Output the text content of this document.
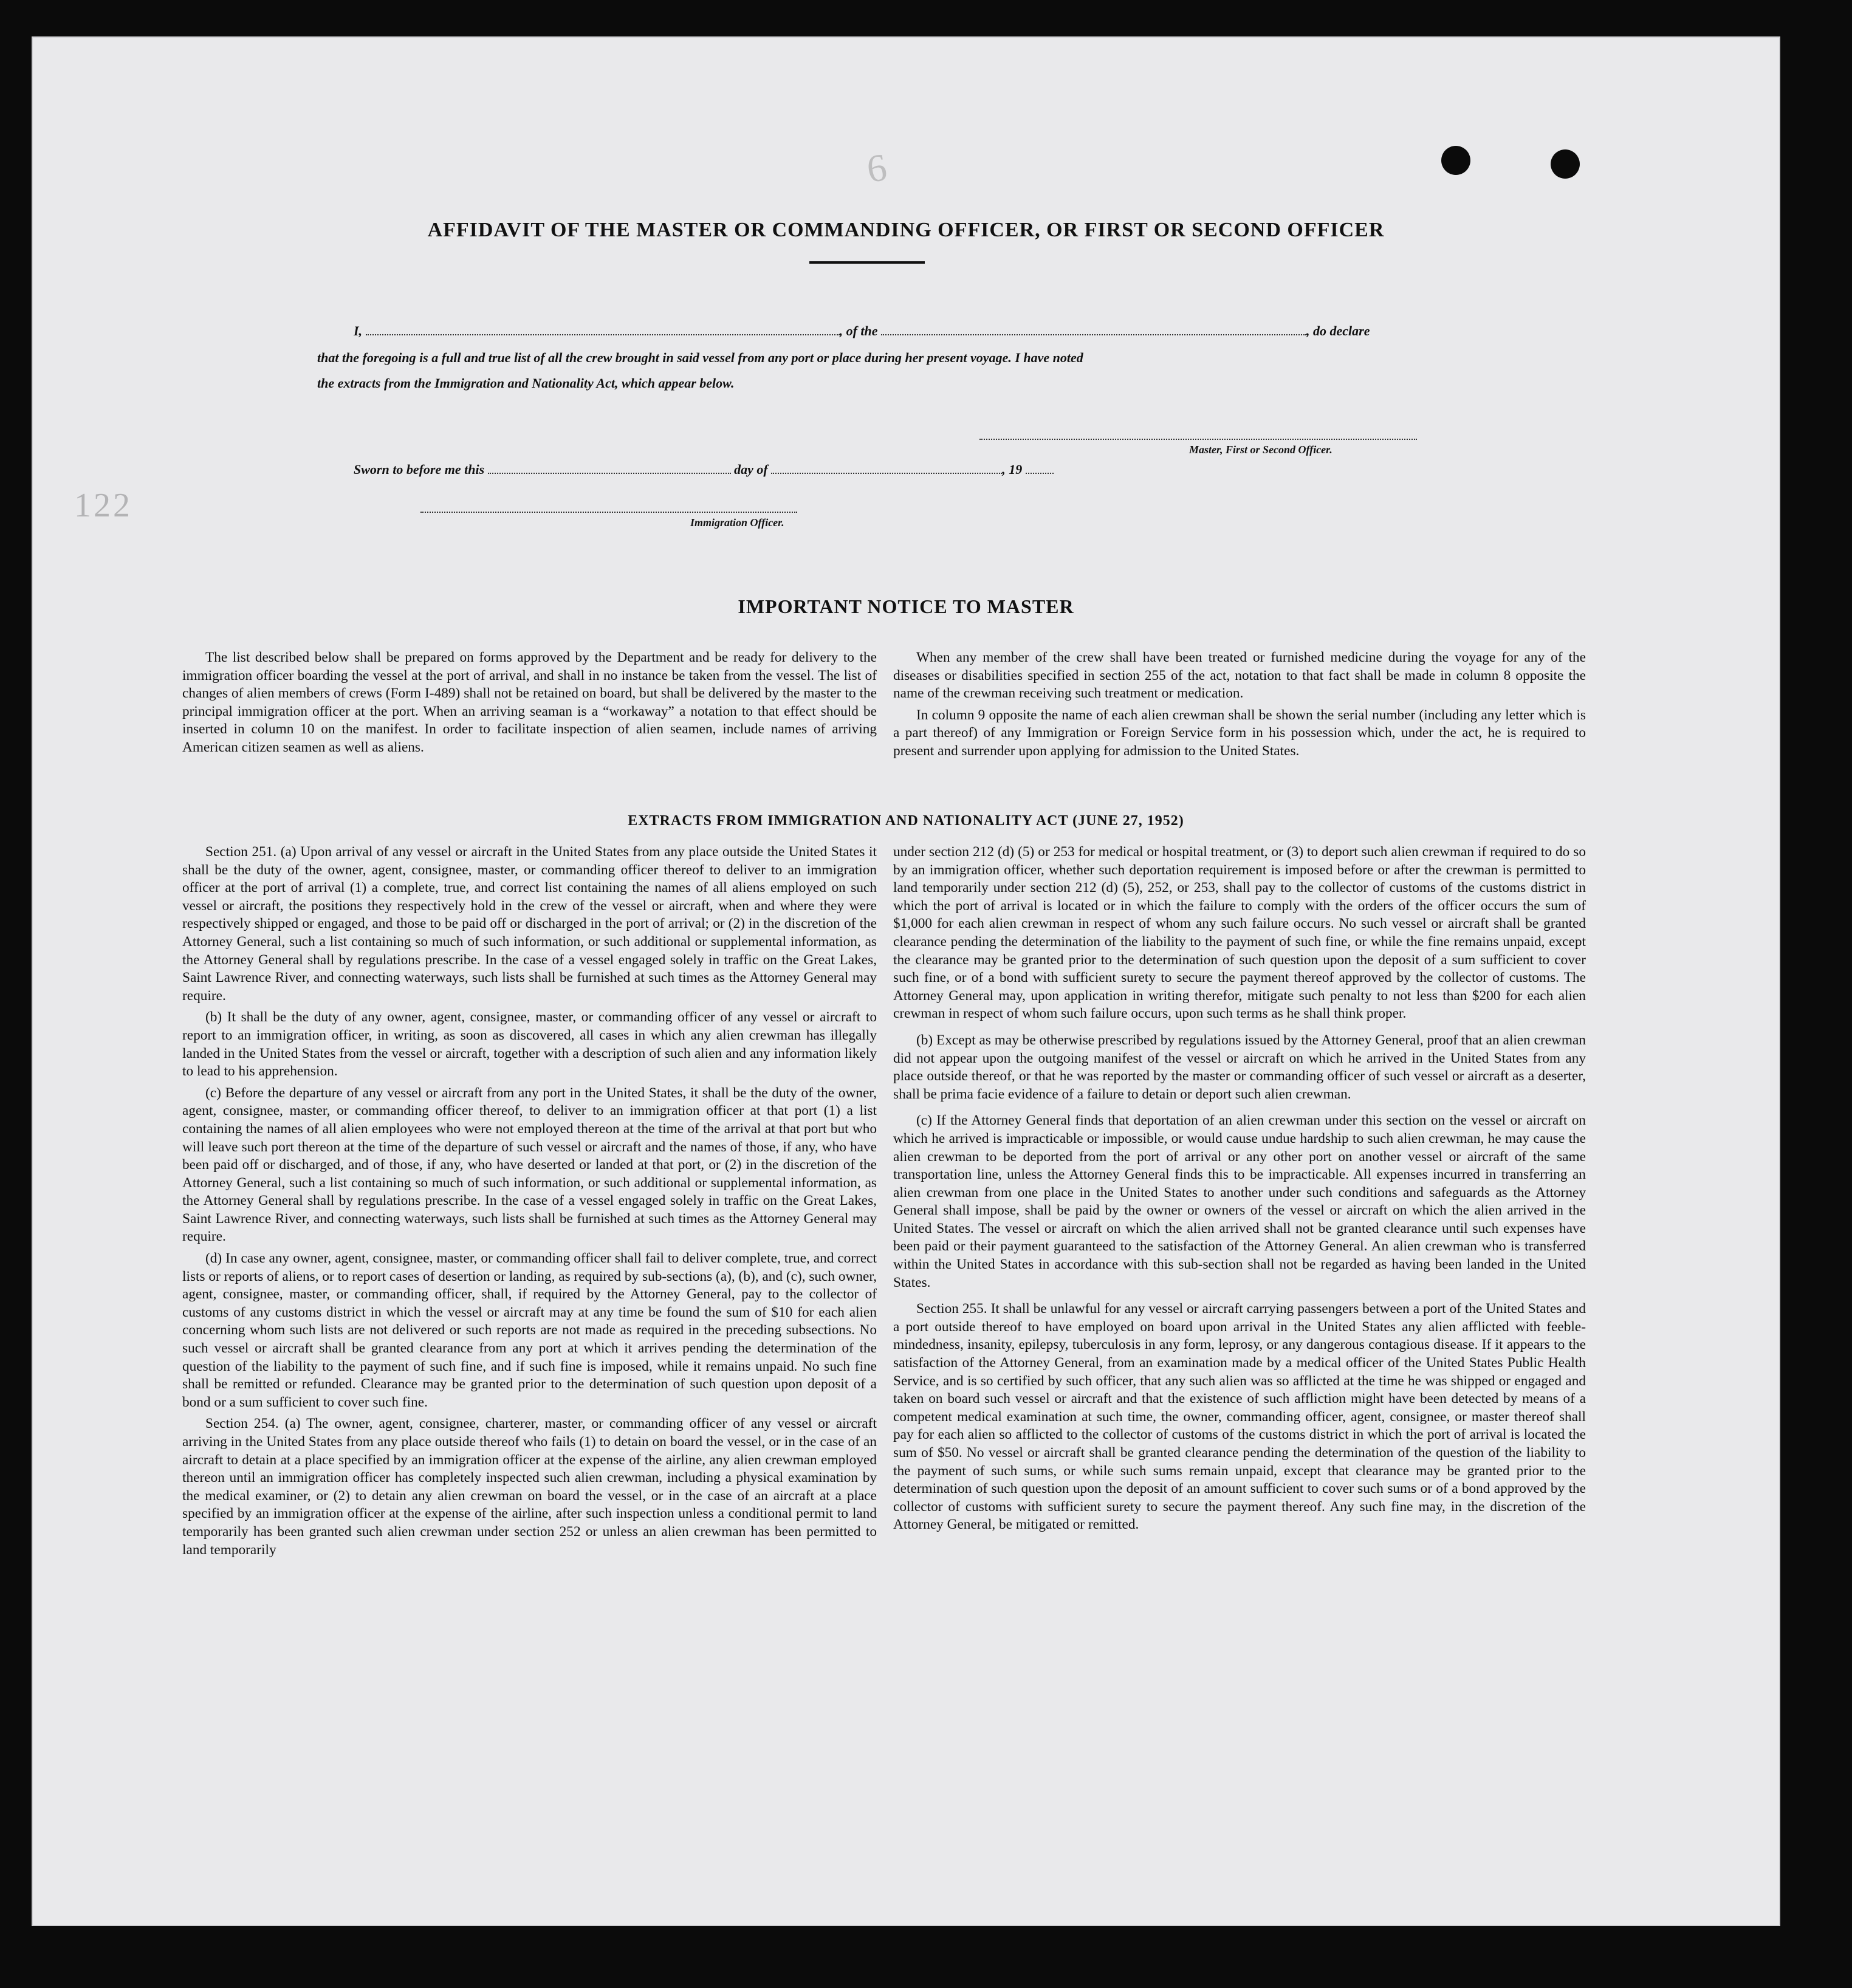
6
122
AFFIDAVIT OF THE MASTER OR COMMANDING OFFICER, OR FIRST OR SECOND OFFICER
I,	, of the	, do declare
that the foregoing is a full and true list of all the crew brought in said vessel from any port or place during her present voyage. I have noted
the extracts from the Immigration and Nationality Act, which appear below.
Master, First or Second Officer.
Sworn to before me this	day of	, 19
Immigration Officer.
IMPORTANT NOTICE TO MASTER

The list described below shall be prepared on forms approved by the Department and be ready for delivery to the immigration officer boarding the vessel at the port of arrival, and shall in no instance be taken from the vessel. The list of changes of alien members of crews (Form I-489) shall not be retained on board, but shall be delivered by the master to the principal immigration officer at the port. When an arriving seaman is a “workaway” a notation to that effect should be inserted in column 10 on the manifest. In order to facilitate inspection of alien seamen, include names of arriving American citizen seamen as well as aliens.

When any member of the crew shall have been treated or furnished medicine during the voyage for any of the diseases or disabilities specified in section 255 of the act, notation to that fact shall be made in column 8 opposite the name of the crewman receiving such treatment or medication.

In column 9 opposite the name of each alien crewman shall be shown the serial number (including any letter which is a part thereof) of any Immigration or Foreign Service form in his possession which, under the act, he is required to present and surrender upon applying for admission to the United States.

EXTRACTS FROM IMMIGRATION AND NATIONALITY ACT (JUNE 27, 1952)

Section 251. (a) Upon arrival of any vessel or aircraft in the United States from any place outside the United States it shall be the duty of the owner, agent, consignee, master, or commanding officer thereof to deliver to an immigration officer at the port of arrival (1) a complete, true, and correct list containing the names of all aliens employed on such vessel or aircraft, the positions they respectively hold in the crew of the vessel or aircraft, when and where they were respectively shipped or engaged, and those to be paid off or discharged in the port of arrival; or (2) in the discretion of the Attorney General, such a list containing so much of such information, or such additional or supplemental information, as the Attorney General shall by regulations prescribe. In the case of a vessel engaged solely in traffic on the Great Lakes, Saint Lawrence River, and connecting waterways, such lists shall be furnished at such times as the Attorney General may require.

(b) It shall be the duty of any owner, agent, consignee, master, or commanding officer of any vessel or aircraft to report to an immigration officer, in writing, as soon as discovered, all cases in which any alien crewman has illegally landed in the United States from the vessel or aircraft, together with a description of such alien and any information likely to lead to his apprehension.

(c) Before the departure of any vessel or aircraft from any port in the United States, it shall be the duty of the owner, agent, consignee, master, or commanding officer thereof, to deliver to an immigration officer at that port (1) a list containing the names of all alien employees who were not employed thereon at the time of the arrival at that port but who will leave such port thereon at the time of the departure of such vessel or aircraft and the names of those, if any, who have been paid off or discharged, and of those, if any, who have deserted or landed at that port, or (2) in the discretion of the Attorney General, such a list containing so much of such information, or such additional or supplemental information, as the Attorney General shall by regulations prescribe. In the case of a vessel engaged solely in traffic on the Great Lakes, Saint Lawrence River, and connecting waterways, such lists shall be furnished at such times as the Attorney General may require.

(d) In case any owner, agent, consignee, master, or commanding officer shall fail to deliver complete, true, and correct lists or reports of aliens, or to report cases of desertion or landing, as required by sub-sections (a), (b), and (c), such owner, agent, consignee, master, or commanding officer, shall, if required by the Attorney General, pay to the collector of customs of any customs district in which the vessel or aircraft may at any time be found the sum of $10 for each alien concerning whom such lists are not delivered or such reports are not made as required in the preceding subsections. No such vessel or aircraft shall be granted clearance from any port at which it arrives pending the determination of the question of the liability to the payment of such fine, and if such fine is imposed, while it remains unpaid. No such fine shall be remitted or refunded. Clearance may be granted prior to the determination of such question upon deposit of a bond or a sum sufficient to cover such fine.

Section 254. (a) The owner, agent, consignee, charterer, master, or commanding officer of any vessel or aircraft arriving in the United States from any place outside thereof who fails (1) to detain on board the vessel, or in the case of an aircraft to detain at a place specified by an immigration officer at the expense of the airline, any alien crewman employed thereon until an immigration officer has completely inspected such alien crewman, including a physical examination by the medical examiner, or (2) to detain any alien crewman on board the vessel, or in the case of an aircraft at a place specified by an immigration officer at the expense of the airline, after such inspection unless a conditional permit to land temporarily has been granted such alien crewman under section 252 or unless an alien crewman has been permitted to land temporarily

under section 212 (d) (5) or 253 for medical or hospital treatment, or (3) to deport such alien crewman if required to do so by an immigration officer, whether such deportation requirement is imposed before or after the crewman is permitted to land temporarily under section 212 (d) (5), 252, or 253, shall pay to the collector of customs of the customs district in which the port of arrival is located or in which the failure to comply with the orders of the officer occurs the sum of $1,000 for each alien crewman in respect of whom any such failure occurs. No such vessel or aircraft shall be granted clearance pending the determination of the liability to the payment of such fine, or while the fine remains unpaid, except the clearance may be granted prior to the determination of such question upon the deposit of a sum sufficient to cover such fine, or of a bond with sufficient surety to secure the payment thereof approved by the collector of customs. The Attorney General may, upon application in writing therefor, mitigate such penalty to not less than $200 for each alien crewman in respect of whom such failure occurs, upon such terms as he shall think proper.

(b) Except as may be otherwise prescribed by regulations issued by the Attorney General, proof that an alien crewman did not appear upon the outgoing manifest of the vessel or aircraft on which he arrived in the United States from any place outside thereof, or that he was reported by the master or commanding officer of such vessel or aircraft as a deserter, shall be prima facie evidence of a failure to detain or deport such alien crewman.

(c) If the Attorney General finds that deportation of an alien crewman under this section on the vessel or aircraft on which he arrived is impracticable or impossible, or would cause undue hardship to such alien crewman, he may cause the alien crewman to be deported from the port of arrival or any other port on another vessel or aircraft of the same transportation line, unless the Attorney General finds this to be impracticable. All expenses incurred in transferring an alien crewman from one place in the United States to another under such conditions and safeguards as the Attorney General shall impose, shall be paid by the owner or owners of the vessel or aircraft on which the alien arrived in the United States. The vessel or aircraft on which the alien arrived shall not be granted clearance until such expenses have been paid or their payment guaranteed to the satisfaction of the Attorney General. An alien crewman who is transferred within the United States in accordance with this sub-section shall not be regarded as having been landed in the United States.

Section 255. It shall be unlawful for any vessel or aircraft carrying passengers between a port of the United States and a port outside thereof to have employed on board upon arrival in the United States any alien afflicted with feeble-mindedness, insanity, epilepsy, tuberculosis in any form, leprosy, or any dangerous contagious disease. If it appears to the satisfaction of the Attorney General, from an examination made by a medical officer of the United States Public Health Service, and is so certified by such officer, that any such alien was so afflicted at the time he was shipped or engaged and taken on board such vessel or aircraft and that the existence of such affliction might have been detected by means of a competent medical examination at such time, the owner, commanding officer, agent, consignee, or master thereof shall pay for each alien so afflicted to the collector of customs of the customs district in which the port of arrival is located the sum of $50. No vessel or aircraft shall be granted clearance pending the determination of the question of the liability to the payment of such sums, or while such sums remain unpaid, except that clearance may be granted prior to the determination of such question upon the deposit of an amount sufficient to cover such sums or of a bond approved by the collector of customs with sufficient surety to secure the payment thereof. Any such fine may, in the discretion of the Attorney General, be mitigated or remitted.
